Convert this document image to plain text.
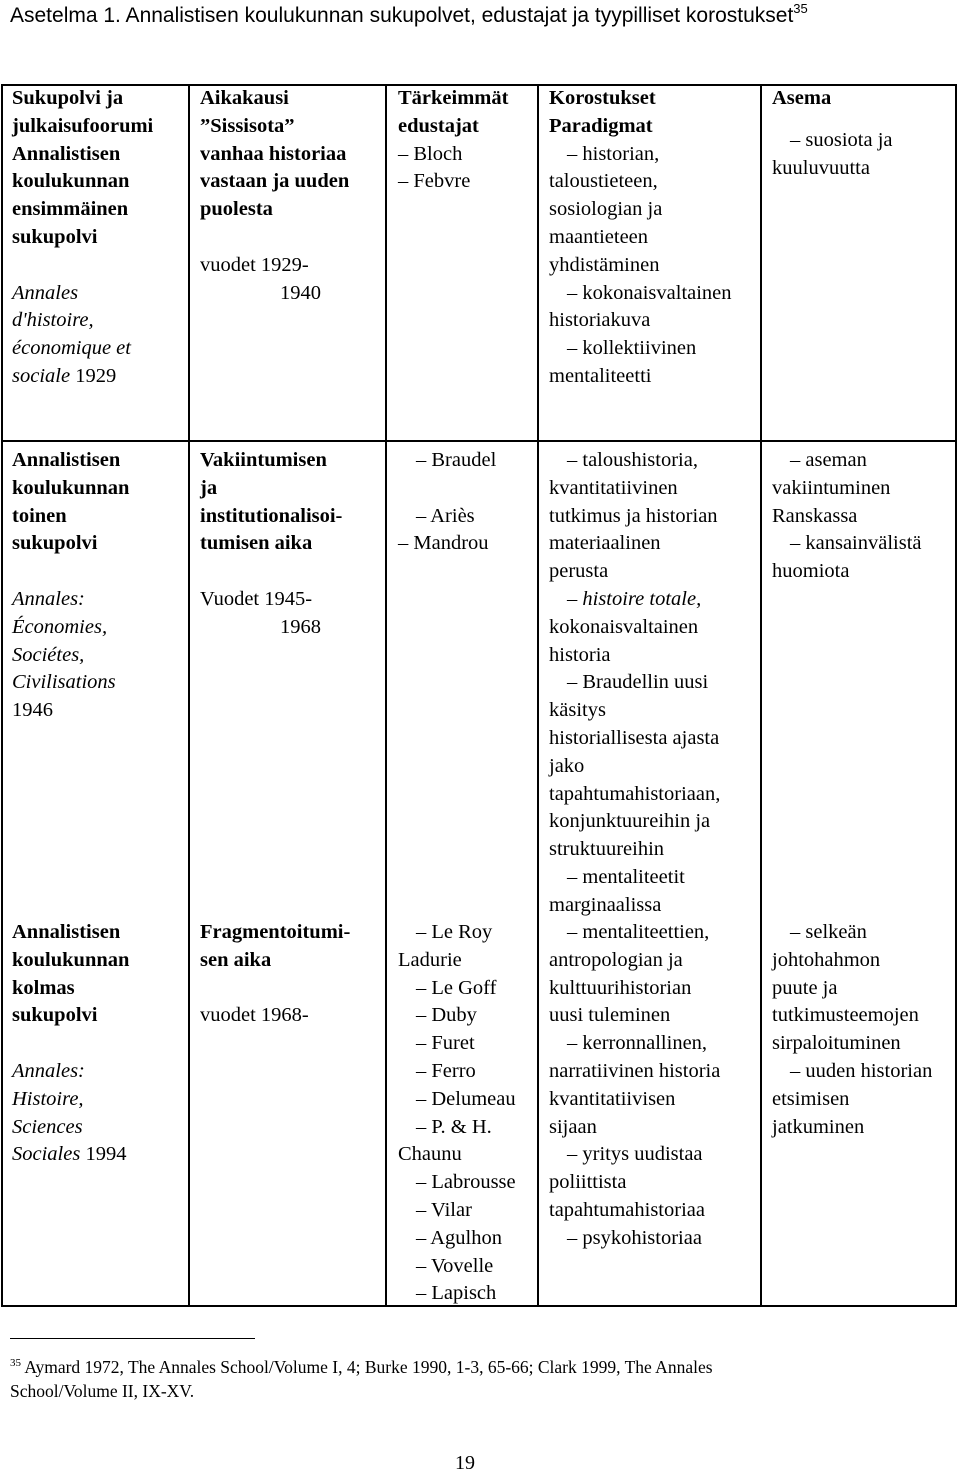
Asetelma 1. Annalistisen koulukunnan sukupolvet, edustajat ja tyypilliset korostukset$^{35}$
Sukupolvi ja
julkaisufoorumi
Annalistisen
koulukunnan
ensimmäinen
sukupolvi
Annales
d'histoire,
économique et
sociale 1929
Aikakausi
”Sissisota”
vanhaa historiaa
vastaan ja uuden
puolesta
vuodet 1929-
1940
Tärkeimmät
edustajat
– Bloch
– Febvre
Korostukset
Paradigmat
– historian,
taloustieteen,
sosiologian ja
maantieteen
yhdistäminen
– kokonaisvaltainen
historiakuva
– kollektiivinen
mentaliteetti
Asema
– suosiota ja
kuuluvuutta
Annalistisen
koulukunnan
toinen
sukupolvi
Annales:
Économies,
Sociétes,
Civilisations
1946
Vakiintumisen
ja
institutionalisoi-
tumisen aika
Vuodet 1945-
1968
– Braudel
– Ariès
– Mandrou
– taloushistoria,
kvantitatiivinen
tutkimus ja historian
materiaalinen
perusta
– histoire totale,
kokonaisvaltainen
historia
– Braudellin uusi
käsitys
historiallisesta ajasta
jako
tapahtumahistoriaan,
konjunktuureihin ja
struktuureihin
– mentaliteetit
marginaalissa
– aseman
vakiintuminen
Ranskassa
– kansainvälistä
huomiota
Annalistisen
koulukunnan
kolmas
sukupolvi
Annales:
Histoire,
Sciences
Sociales 1994
Fragmentoitumi-
sen aika
vuodet 1968-
– Le Roy
Ladurie
– Le Goff
– Duby
– Furet
– Ferro
– Delumeau
– P. & H.
Chaunu
– Labrousse
– Vilar
– Agulhon
– Vovelle
– Lapisch
– mentaliteettien,
antropologian ja
kulttuurihistorian
uusi tuleminen
– kerronnallinen,
narratiivinen historia
kvantitatiivisen
sijaan
– yritys uudistaa
poliittista
tapahtumahistoriaa
– psykohistoriaa
– selkeän
johtohahmon
puute ja
tutkimusteemojen
sirpaloituminen
– uuden historian
etsimisen
jatkuminen
$^{35}$ Aymard 1972, The Annales School/Volume I, 4; Burke 1990, 1-3, 65-66; Clark 1999, The Annales
School/Volume II, IX-XV.
19
